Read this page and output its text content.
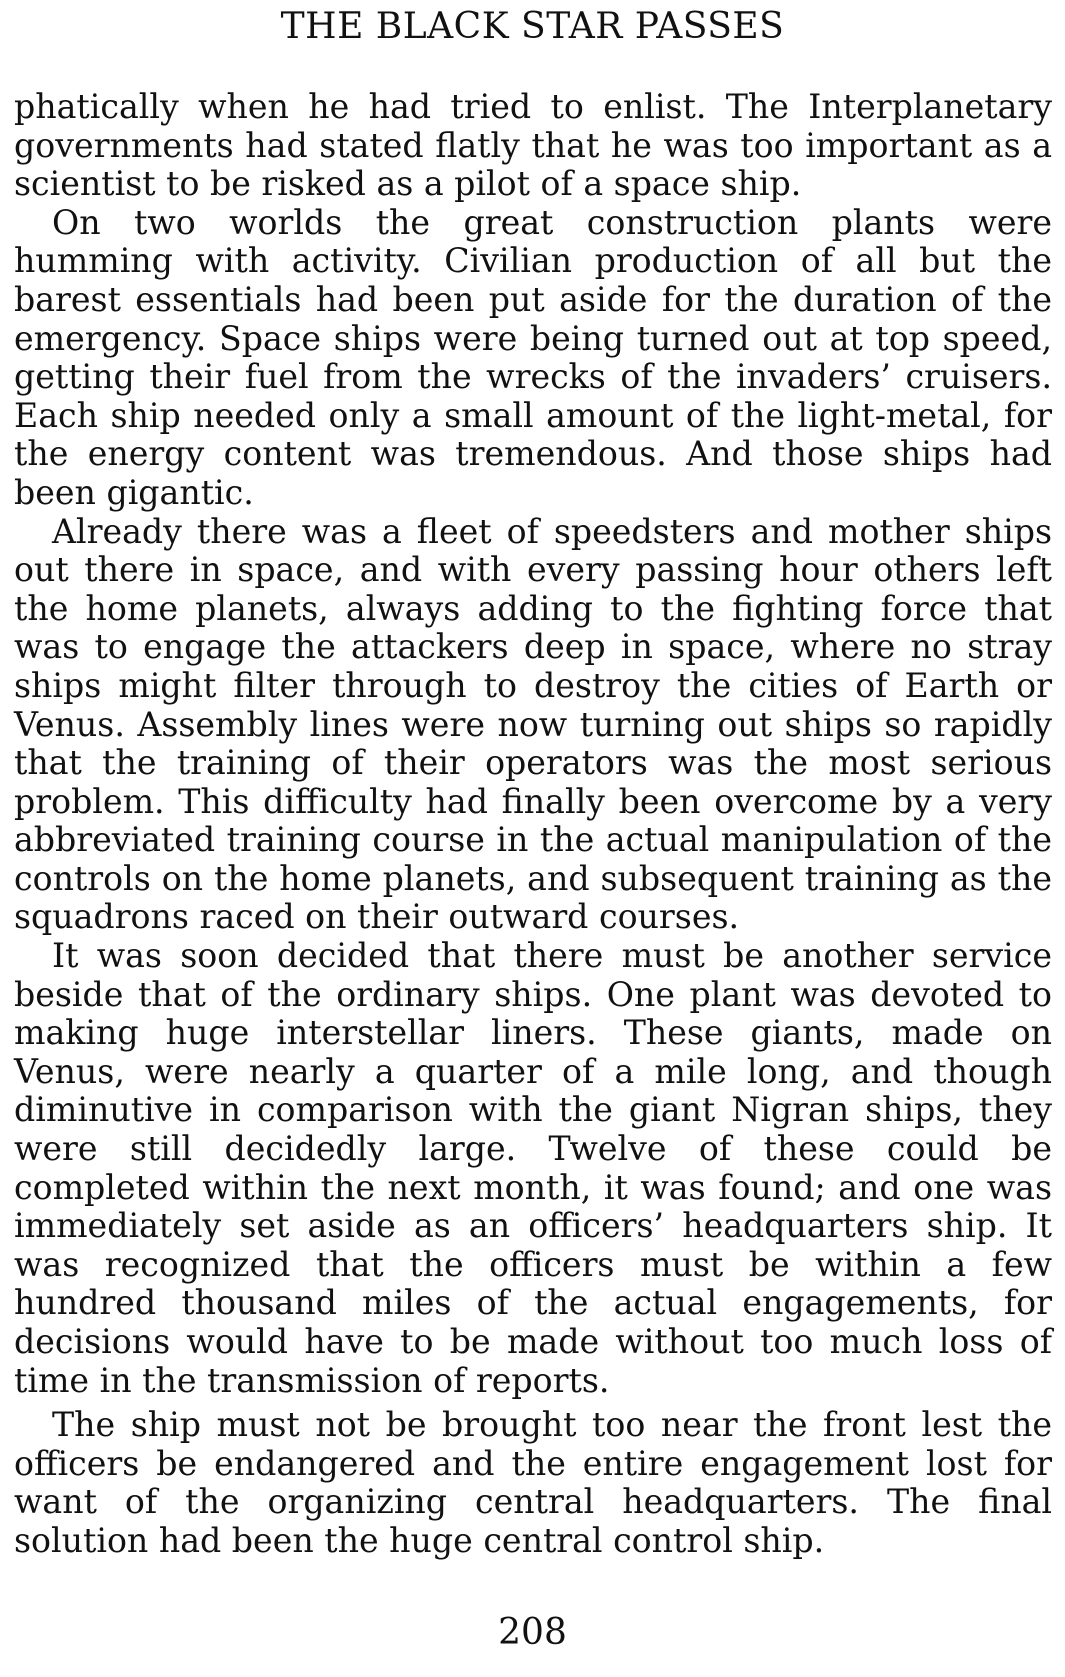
THE BLACK STAR PASSES

phatically when he had tried to enlist. The Interplanetary governments had stated flatly that he was too important as a scientist to be risked as a pilot of a space ship.

On two worlds the great construction plants were humming with activity. Civilian production of all but the barest essentials had been put aside for the duration of the emergency. Space ships were being turned out at top speed, getting their fuel from the wrecks of the invaders’ cruisers. Each ship needed only a small amount of the light-metal, for the energy content was tremendous. And those ships had been gigantic.

Already there was a fleet of speedsters and mother ships out there in space, and with every passing hour others left the home planets, always adding to the fighting force that was to engage the attackers deep in space, where no stray ships might filter through to destroy the cities of Earth or Venus. Assembly lines were now turning out ships so rapidly that the training of their operators was the most serious problem. This difficulty had finally been overcome by a very abbreviated training course in the actual manipulation of the controls on the home planets, and subsequent training as the squadrons raced on their outward courses.

It was soon decided that there must be another service beside that of the ordinary ships. One plant was devoted to making huge interstellar liners. These giants, made on Venus, were nearly a quarter of a mile long, and though diminutive in comparison with the giant Nigran ships, they were still decidedly large. Twelve of these could be completed within the next month, it was found; and one was immediately set aside as an officers’ headquarters ship. It was recognized that the officers must be within a few hundred thousand miles of the actual engagements, for decisions would have to be made without too much loss of time in the transmission of reports.

The ship must not be brought too near the front lest the officers be endangered and the entire engagement lost for want of the organizing central headquarters. The final solution had been the huge central control ship.

208
